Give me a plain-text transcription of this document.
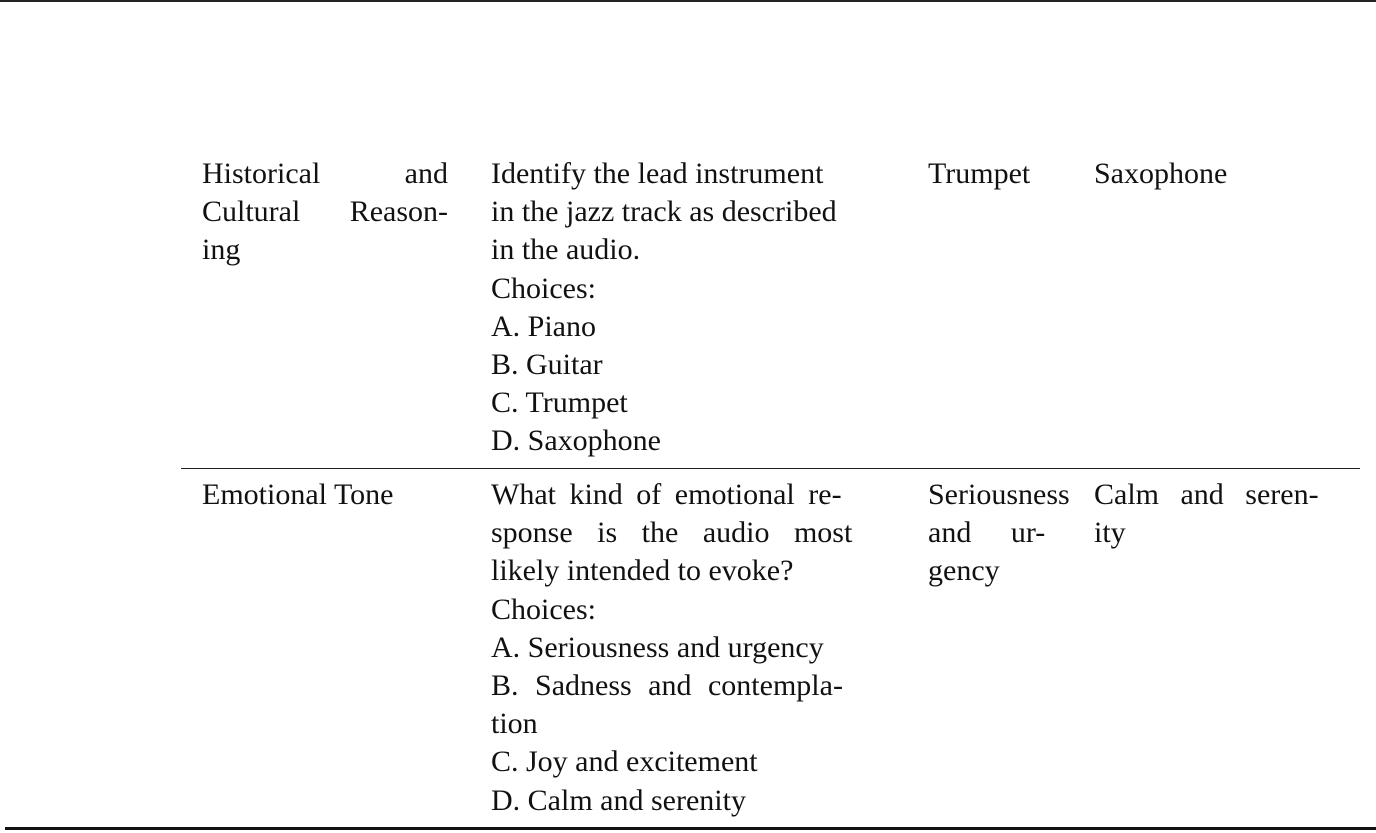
Historical	and
Cultural Reason-
ing
Identify the lead instrument
in the jazz track as described
in the audio.
Choices:
A. Piano
B. Guitar
C. Trumpet
D. Saxophone
Trumpet Saxophone
Emotional Tone	What kind of emotional re-
sponse is the audio most
likely intended to evoke?
Choices:
A. Seriousness and urgency
B. Sadness and contempla-
tion
C. Joy and excitement
D. Calm and serenity
Seriousness
and ur-
gency
Calm and seren-
ity
